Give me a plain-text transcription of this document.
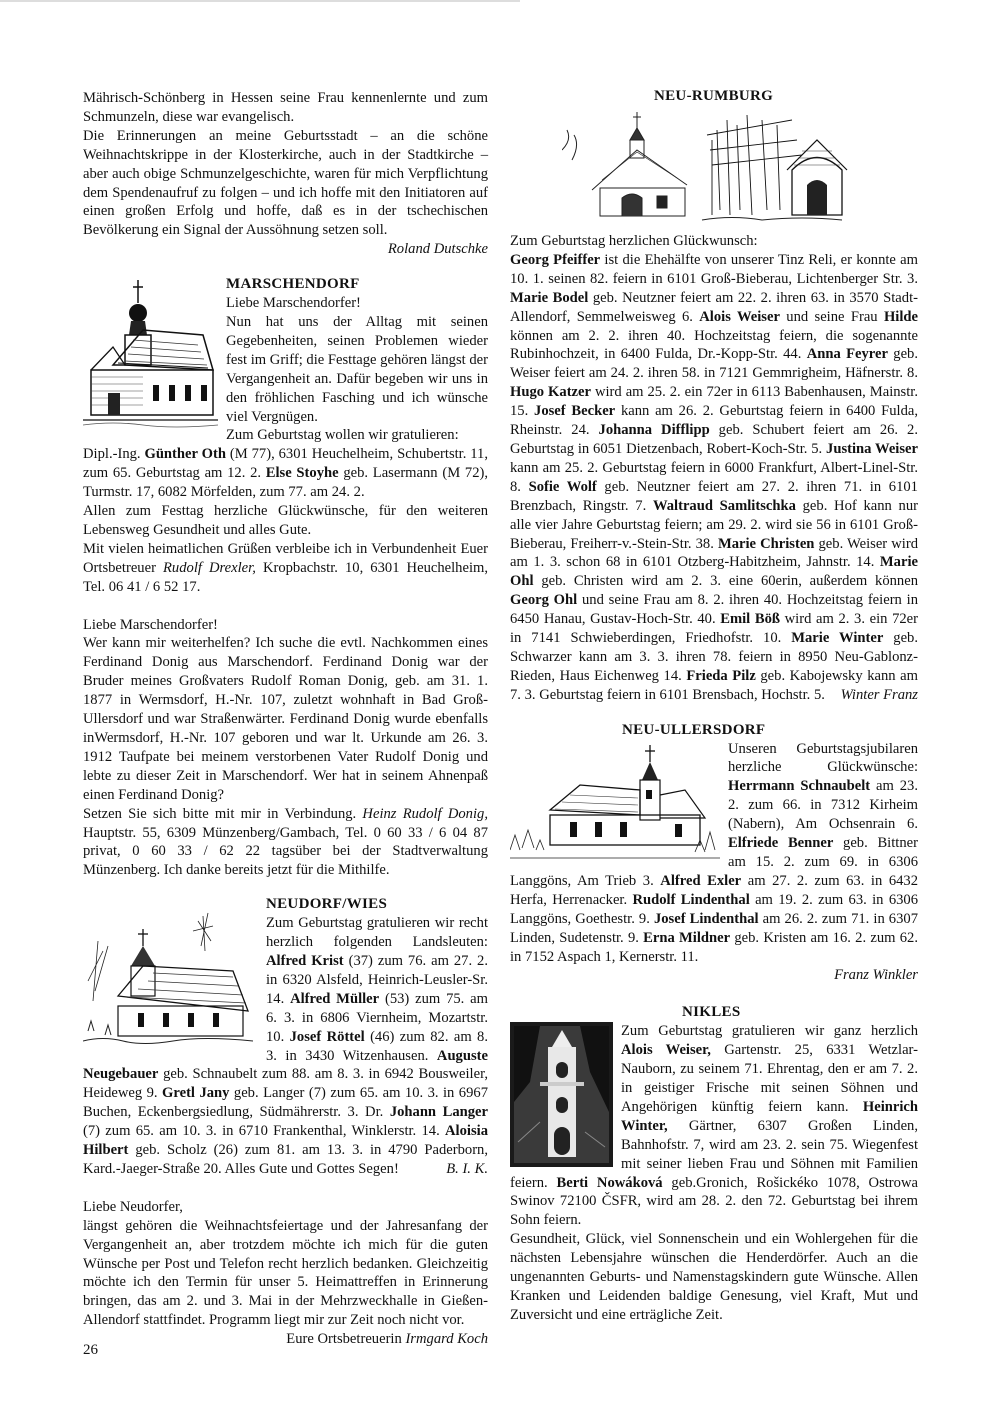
Mährisch-Schönberg in Hessen seine Frau kennenlernte und zum Schmunzeln, diese war evangelisch.

Die Erinnerungen an meine Geburtsstadt – an die schöne Weihnachtskrippe in der Klosterkirche, auch in der Stadtkirche – aber auch obige Schmunzelgeschichte, waren für mich Verpflichtung dem Spendenaufruf zu folgen – und ich hoffe mit den Initiatoren auf einen großen Erfolg und hoffe, daß es in der tschechischen Bevölkerung ein Signal der Aussöhnung setzen soll.

Roland Dutschke

MARSCHENDORF

Liebe Marschendorfer!

Nun hat uns der Alltag mit seinen Gegebenheiten, seinen Problemen wieder fest im Griff; die Festtage gehören längst der Vergangenheit an. Dafür begeben wir uns in den fröhlichen Fasching und ich wünsche viel Vergnügen.

Zum Geburtstag wollen wir gratulieren:

Dipl.-Ing. Günther Oth (M 77), 6301 Heuchelheim, Schubertstr. 11, zum 65. Geburtstag am 12. 2. Else Stoyhe geb. Lasermann (M 72), Turmstr. 17, 6082 Mörfelden, zum 77. am 24. 2.

Allen zum Festtag herzliche Glückwünsche, für den weiteren Lebensweg Gesundheit und alles Gute.

Mit vielen heimatlichen Grüßen verbleibe ich in Verbundenheit Euer Ortsbetreuer Rudolf Drexler, Kropbachstr. 10, 6301 Heuchelheim, Tel. 06 41 / 6 52 17.

Liebe Marschendorfer!

Wer kann mir weiterhelfen? Ich suche die evtl. Nachkommen eines Ferdinand Donig aus Marschendorf. Ferdinand Donig war der Bruder meines Großvaters Rudolf Roman Donig, geb. am 31. 1. 1877 in Wermsdorf, H.-Nr. 107, zuletzt wohnhaft in Bad Groß-Ullersdorf und war Straßenwärter. Ferdinand Donig wurde ebenfalls inWermsdorf, H.-Nr. 107 geboren und war lt. Urkunde am 26. 3. 1912 Taufpate bei meinem verstorbenen Vater Rudolf Donig und lebte zu dieser Zeit in Marschendorf. Wer hat in seinem Ahnenpaß einen Ferdinand Donig?

Setzen Sie sich bitte mit mir in Verbindung. Heinz Rudolf Donig, Hauptstr. 55, 6309 Münzenberg/Gambach, Tel. 0 60 33 / 6 04 87 privat, 0 60 33 / 62 22 tagsüber bei der Stadtverwaltung Münzenberg. Ich danke bereits jetzt für die Mithilfe.

NEUDORF/WIES

Zum Geburtstag gratulieren wir recht herzlich folgenden Landsleuten: Alfred Krist (37) zum 76. am 27. 2. in 6320 Alsfeld, Heinrich-Leusler-Sr. 14. Alfred Müller (53) zum 75. am 6. 3. in 6806 Viernheim, Mozartstr. 10. Josef Röttel (46) zum 82. am 8. 3. in 3430 Witzenhausen. Auguste Neugebauer geb. Schnaubelt zum 88. am 8. 3. in 6942 Bousweiler, Heideweg 9. Gretl Jany geb. Langer (7) zum 65. am 10. 3. in 6967 Buchen, Eckenbergsiedlung, Südmährerstr. 3. Dr. Johann Langer (7) zum 65. am 10. 3. in 6710 Frankenthal, Winklerstr. 14. Aloisia Hilbert geb. Scholz (26) zum 81. am 13. 3. in 4790 Paderborn, Kard.-Jaeger-Straße 20. Alles Gute und Gottes Segen!	B. I. K.

Liebe Neudorfer,

längst gehören die Weihnachtsfeiertage und der Jahresanfang der Vergangenheit an, aber trotzdem möchte ich mich für die guten Wünsche per Post und Telefon recht herzlich bedanken. Gleichzeitig möchte ich den Termin für unser 5. Heimattreffen in Erinnerung bringen, das am 2. und 3. Mai in der Mehrzweckhalle in Gießen-Allendorf stattfindet. Programm liegt mir zur Zeit noch nicht vor.
Eure Ortsbetreuerin Irmgard Koch

NEU-RUMBURG

Zum Geburtstag herzlichen Glückwunsch:

Georg Pfeiffer ist die Ehehälfte von unserer Tinz Reli, er konnte am 10. 1. seinen 82. feiern in 6101 Groß-Bieberau, Lichtenberger Str. 3. Marie Bodel geb. Neutzner feiert am 22. 2. ihren 63. in 3570 Stadt-Allendorf, Semmelweisweg 6. Alois Weiser und seine Frau Hilde können am 2. 2. ihren 40. Hochzeitstag feiern, die sogenannte Rubinhochzeit, in 6400 Fulda, Dr.-Kopp-Str. 44. Anna Feyrer geb. Weiser feiert am 24. 2. ihren 58. in 7121 Gemmrigheim, Häfnerstr. 8. Hugo Katzer wird am 25. 2. ein 72er in 6113 Babenhausen, Mainstr. 15. Josef Becker kann am 26. 2. Geburtstag feiern in 6400 Fulda, Rheinstr. 24. Johanna Difflipp geb. Schubert feiert am 26. 2. Geburtstag in 6051 Dietzenbach, Robert-Koch-Str. 5. Justina Weiser kann am 25. 2. Geburtstag feiern in 6000 Frankfurt, Albert-Linel-Str. 8. Sofie Wolf geb. Neutzner feiert am 27. 2. ihren 71. in 6101 Brenzbach, Ringstr. 7. Waltraud Samlitschka geb. Hof kann nur alle vier Jahre Geburtstag feiern; am 29. 2. wird sie 56 in 6101 Groß-Bieberau, Freiherr-v.-Stein-Str. 38. Marie Christen geb. Weiser wird am 1. 3. schon 68 in 6101 Otzberg-Habitzheim, Jahnstr. 14. Marie Ohl geb. Christen wird am 2. 3. eine 60erin, außerdem können Georg Ohl und seine Frau am 8. 2. ihren 40. Hochzeitstag feiern in 6450 Hanau, Gustav-Hoch-Str. 40. Emil Böß wird am 2. 3. ein 72er in 7141 Schwieberdingen, Friedhofstr. 10. Marie Winter geb. Schwarzer kann am 3. 3. ihren 78. feiern in 8950 Neu-Gablonz-Rieden, Haus Eichenweg 14. Frieda Pilz geb. Kabojewsky kann am 7. 3. Geburtstag feiern in 6101 Brensbach, Hochstr. 5. Winter Franz

NEU-ULLERSDORF

Unseren Geburtstagsjubilaren herzliche Glückwünsche: Herrmann Schnaubelt am 23. 2. zum 66. in 7312 Kirheim (Nabern), Am Ochsenrain 6. Elfriede Benner geb. Bittner am 15. 2. zum 69. in 6306 Langgöns, Am Trieb 3. Alfred Exler am 27. 2. zum 63. in 6432 Herfa, Herrenacker. Rudolf Lindenthal am 19. 2. zum 63. in 6306 Langgöns, Goethestr. 9. Josef Lindenthal am 26. 2. zum 71. in 6307 Linden, Sudetenstr. 9. Erna Mildner geb. Kristen am 16. 2. zum 62. in 7152 Aspach 1, Kernerstr. 11.

Franz Winkler

NIKLES

Zum Geburtstag gratulieren wir ganz herzlich Alois Weiser, Gartenstr. 25, 6331 Wetzlar-Nauborn, zu seinem 71. Ehrentag, den er am 7. 2. in geistiger Frische mit seinen Söhnen und Angehörigen künftig feiern kann. Heinrich Winter, Gärtner, 6307 Großen Linden, Bahnhofstr. 7, wird am 23. 2. sein 75. Wiegenfest mit seiner lieben Frau und Söhnen mit Familien feiern. Berti Nowáková geb.Gronich, Rošickéko 1078, Ostrowa Swinov 72100 ČSFR, wird am 28. 2. den 72. Geburtstag bei ihrem Sohn feiern.

Gesundheit, Glück, viel Sonnenschein und ein Wohlergehen für die nächsten Lebensjahre wünschen die Henderdörfer. Auch an die ungenannten Geburts- und Namenstagskindern gute Wünsche. Allen Kranken und Leidenden baldige Genesung, viel Kraft, Mut und Zuversicht und eine erträgliche Zeit.

26
